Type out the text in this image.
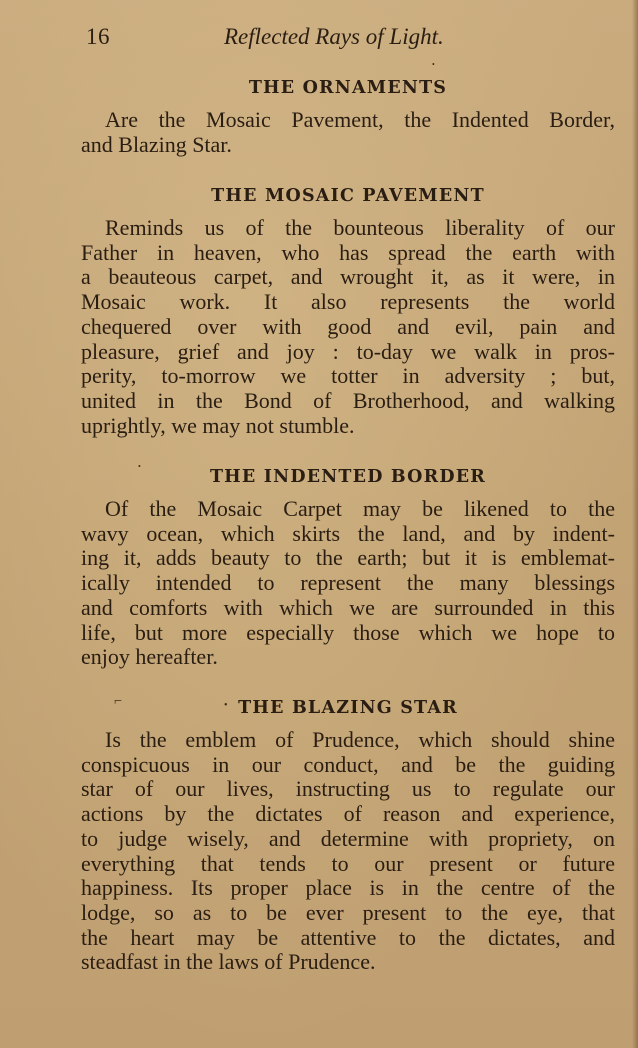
16	Reflected Rays of Light.
THE ORNAMENTS

Are the Mosaic Pavement, the Indented Border,
and Blazing Star.

THE MOSAIC PAVEMENT

Reminds us of the bounteous liberality of our
Father in heaven, who has spread the earth with
a beauteous carpet, and wrought it, as it were, in
Mosaic work. It also represents the world
chequered over with good and evil, pain and
pleasure, grief and joy : to-day we walk in pros-
perity, to-morrow we totter in adversity ; but,
united in the Bond of Brotherhood, and walking
uprightly, we may not stumble.

THE INDENTED BORDER

Of the Mosaic Carpet may be likened to the
wavy ocean, which skirts the land, and by indent-
ing it, adds beauty to the earth; but it is emblemat-
ically intended to represent the many blessings
and comforts with which we are surrounded in this
life, but more especially those which we hope to
enjoy hereafter.

THE BLAZING STAR

Is the emblem of Prudence, which should shine
conspicuous in our conduct, and be the guiding
star of our lives, instructing us to regulate our
actions by the dictates of reason and experience,
to judge wisely, and determine with propriety, on
everything that tends to our present or future
happiness. Its proper place is in the centre of the
lodge, so as to be ever present to the eye, that
the heart may be attentive to the dictates, and
steadfast in the laws of Prudence.

•
•
⌐	•
